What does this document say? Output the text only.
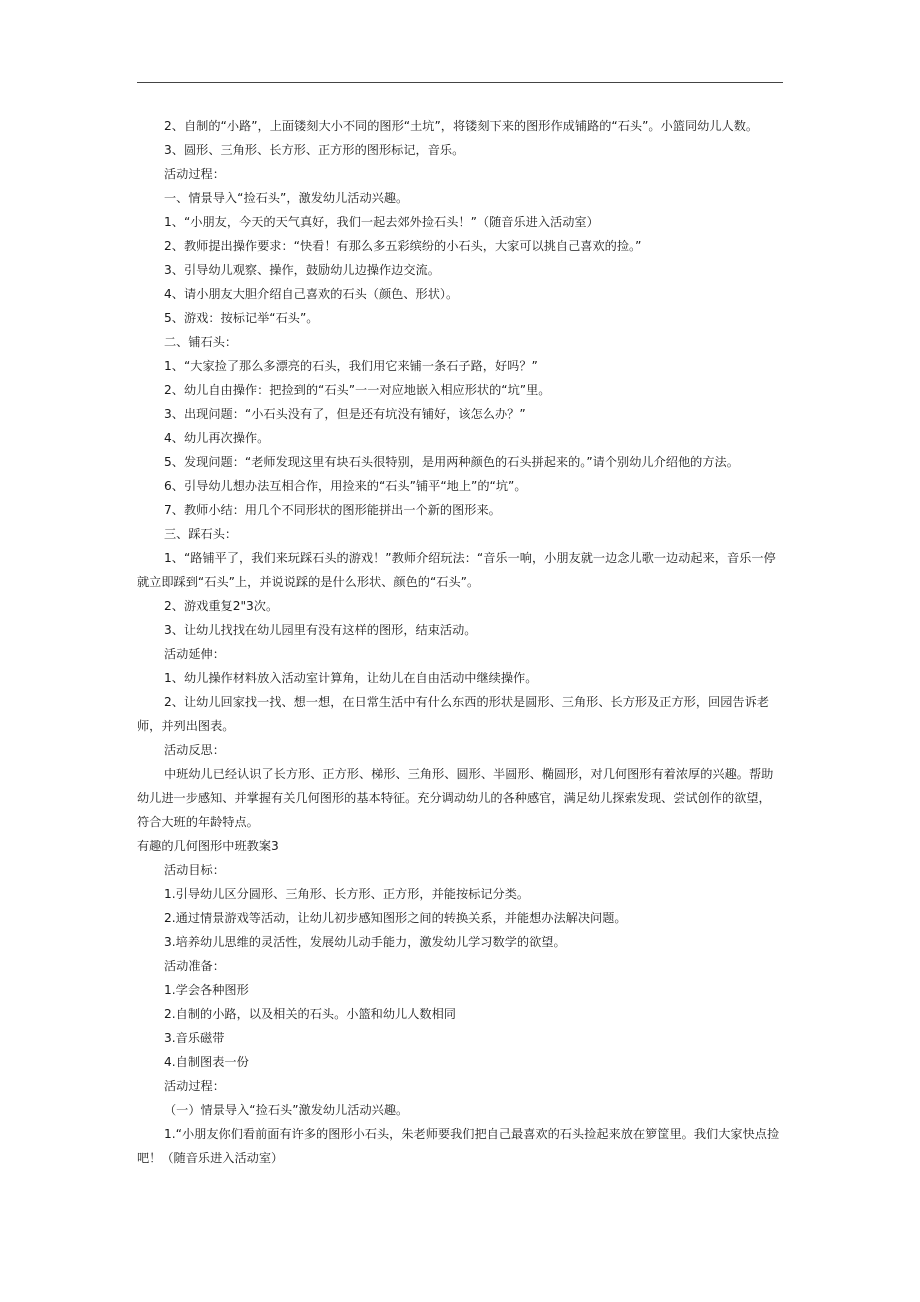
2、自制的“小路”，上面镂刻大小不同的图形“土坑”，将镂刻下来的图形作成铺路的“石头”。小篮同幼儿人数。
3、圆形、三角形、长方形、正方形的图形标记，音乐。
活动过程：
一、情景导入“捡石头”，激发幼儿活动兴趣。
1、“小朋友，今天的天气真好，我们一起去郊外捡石头！”（随音乐进入活动室）
2、教师提出操作要求：“快看！有那么多五彩缤纷的小石头，大家可以挑自己喜欢的捡。”
3、引导幼儿观察、操作，鼓励幼儿边操作边交流。
4、请小朋友大胆介绍自己喜欢的石头（颜色、形状）。
5、游戏：按标记举“石头”。
二、铺石头：
1、“大家捡了那么多漂亮的石头，我们用它来铺一条石子路，好吗？”
2、幼儿自由操作：把捡到的“石头”一一对应地嵌入相应形状的“坑”里。
3、出现问题：“小石头没有了，但是还有坑没有铺好，该怎么办？”
4、幼儿再次操作。
5、发现问题：“老师发现这里有块石头很特别，是用两种颜色的石头拼起来的。”请个别幼儿介绍他的方法。
6、引导幼儿想办法互相合作，用捡来的“石头”铺平“地上”的“坑”。
7、教师小结：用几个不同形状的图形能拼出一个新的图形来。
三、踩石头：
1、“路铺平了，我们来玩踩石头的游戏！”教师介绍玩法：“音乐一响，小朋友就一边念儿歌一边动起来，音乐一停
就立即踩到“石头”上，并说说踩的是什么形状、颜色的“石头”。
2、游戏重复2"3次。
3、让幼儿找找在幼儿园里有没有这样的图形，结束活动。
活动延伸：
1、幼儿操作材料放入活动室计算角，让幼儿在自由活动中继续操作。
2、让幼儿回家找一找、想一想，在日常生活中有什么东西的形状是圆形、三角形、长方形及正方形，回园告诉老
师，并列出图表。
活动反思：
中班幼儿已经认识了长方形、正方形、梯形、三角形、圆形、半圆形、椭圆形，对几何图形有着浓厚的兴趣。帮助
幼儿进一步感知、并掌握有关几何图形的基本特征。充分调动幼儿的各种感官，满足幼儿探索发现、尝试创作的欲望，
符合大班的年龄特点。
有趣的几何图形中班教案3
活动目标：
1.引导幼儿区分圆形、三角形、长方形、正方形，并能按标记分类。
2.通过情景游戏等活动，让幼儿初步感知图形之间的转换关系，并能想办法解决问题。
3.培养幼儿思维的灵活性，发展幼儿动手能力，激发幼儿学习数学的欲望。
活动准备：
1.学会各种图形
2.自制的小路，以及相关的石头。小篮和幼儿人数相同
3.音乐磁带
4.自制图表一份
活动过程：
（一）情景导入“捡石头”激发幼儿活动兴趣。
1.“小朋友你们看前面有许多的图形小石头，朱老师要我们把自己最喜欢的石头捡起来放在箩筐里。我们大家快点捡
吧！（随音乐进入活动室）
